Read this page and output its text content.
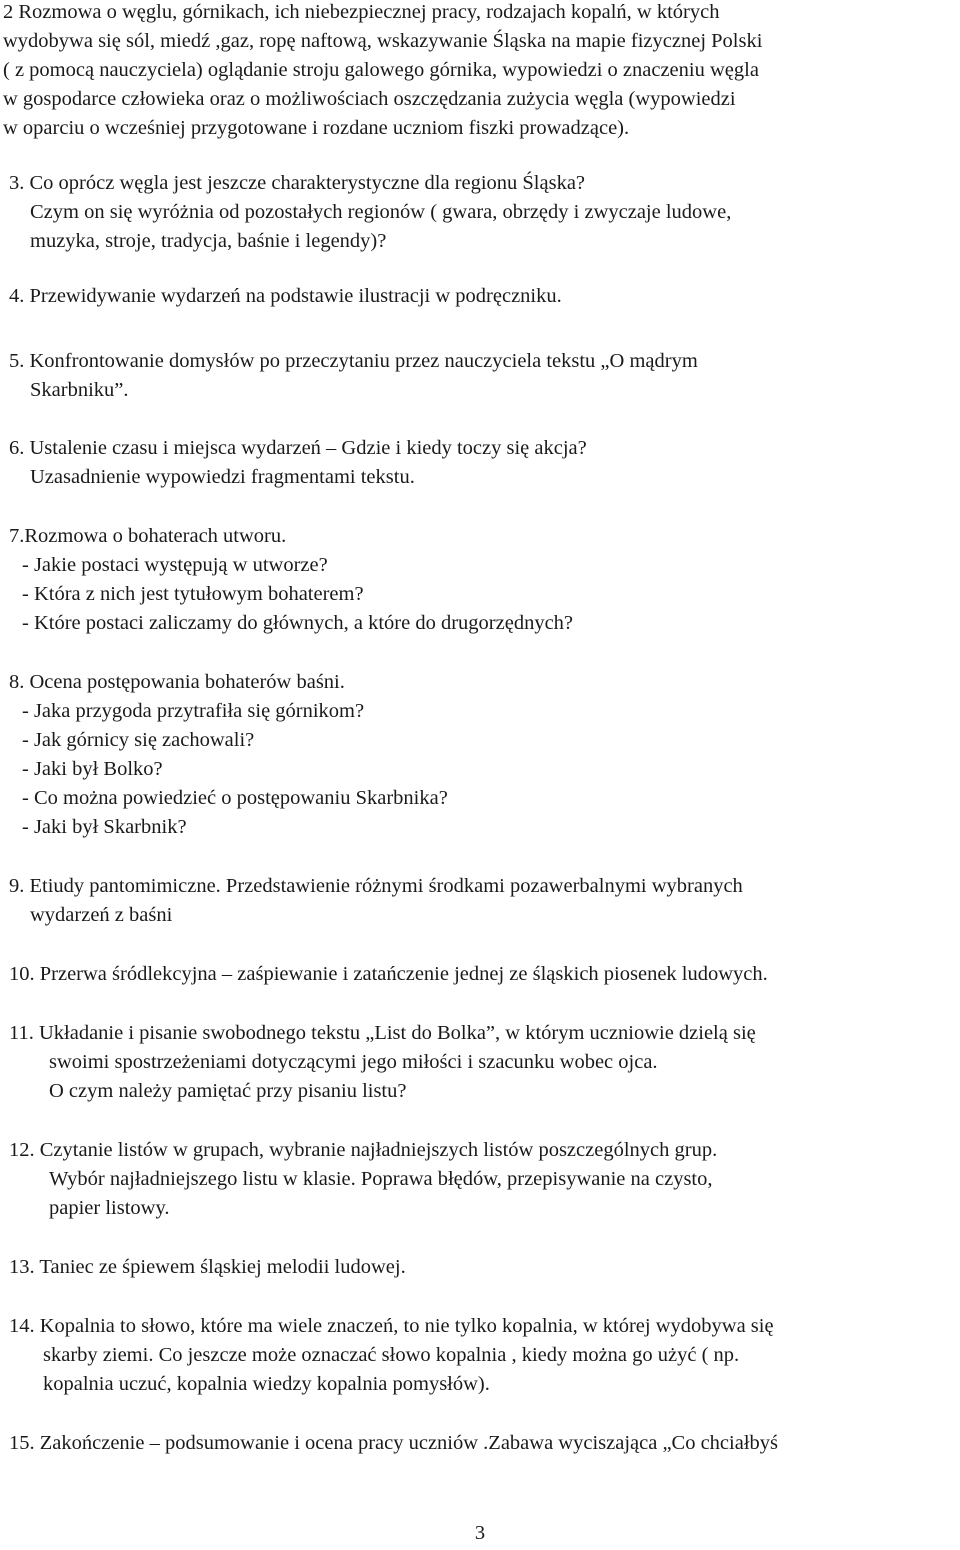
2 Rozmowa o węglu, górnikach, ich niebezpiecznej pracy, rodzajach kopalń, w których
wydobywa się sól, miedź ,gaz, ropę naftową, wskazywanie Śląska na mapie fizycznej Polski
( z pomocą nauczyciela) oglądanie stroju galowego górnika, wypowiedzi o znaczeniu węgla
w gospodarce człowieka oraz o możliwościach oszczędzania zużycia węgla (wypowiedzi
w oparciu o wcześniej przygotowane i rozdane uczniom fiszki prowadzące).
3. Co oprócz węgla jest jeszcze charakterystyczne dla regionu Śląska?
Czym on się wyróżnia od pozostałych regionów ( gwara, obrzędy i zwyczaje ludowe,
muzyka, stroje, tradycja, baśnie i legendy)?
4. Przewidywanie wydarzeń na podstawie ilustracji w podręczniku.
5. Konfrontowanie domysłów po przeczytaniu przez nauczyciela tekstu „O mądrym
Skarbniku”.
6. Ustalenie czasu i miejsca wydarzeń – Gdzie i kiedy toczy się akcja?
Uzasadnienie wypowiedzi fragmentami tekstu.
7.Rozmowa o bohaterach utworu.
- Jakie postaci występują w utworze?
- Która z nich jest tytułowym bohaterem?
- Które postaci zaliczamy do głównych, a które do drugorzędnych?
8. Ocena postępowania bohaterów baśni.
- Jaka przygoda przytrafiła się górnikom?
- Jak górnicy się zachowali?
- Jaki był Bolko?
- Co można powiedzieć o postępowaniu Skarbnika?
- Jaki był Skarbnik?
9. Etiudy pantomimiczne. Przedstawienie różnymi środkami pozawerbalnymi wybranych
wydarzeń z baśni
10. Przerwa śródlekcyjna – zaśpiewanie i zatańczenie jednej ze śląskich piosenek ludowych.
11. Układanie i pisanie swobodnego tekstu „List do Bolka”, w którym uczniowie dzielą się
swoimi spostrzeżeniami dotyczącymi jego miłości i szacunku wobec ojca.
O czym należy pamiętać przy pisaniu listu?
12. Czytanie listów w grupach, wybranie najładniejszych listów poszczególnych grup.
Wybór najładniejszego listu w klasie. Poprawa błędów, przepisywanie na czysto,
papier listowy.
13. Taniec ze śpiewem śląskiej melodii ludowej.
14. Kopalnia to słowo, które ma wiele znaczeń, to nie tylko kopalnia, w której wydobywa się
skarby ziemi. Co jeszcze może oznaczać słowo kopalnia , kiedy można go użyć ( np.
kopalnia uczuć, kopalnia wiedzy kopalnia pomysłów).
15. Zakończenie – podsumowanie i ocena pracy uczniów .Zabawa wyciszająca „Co chciałbyś
3
